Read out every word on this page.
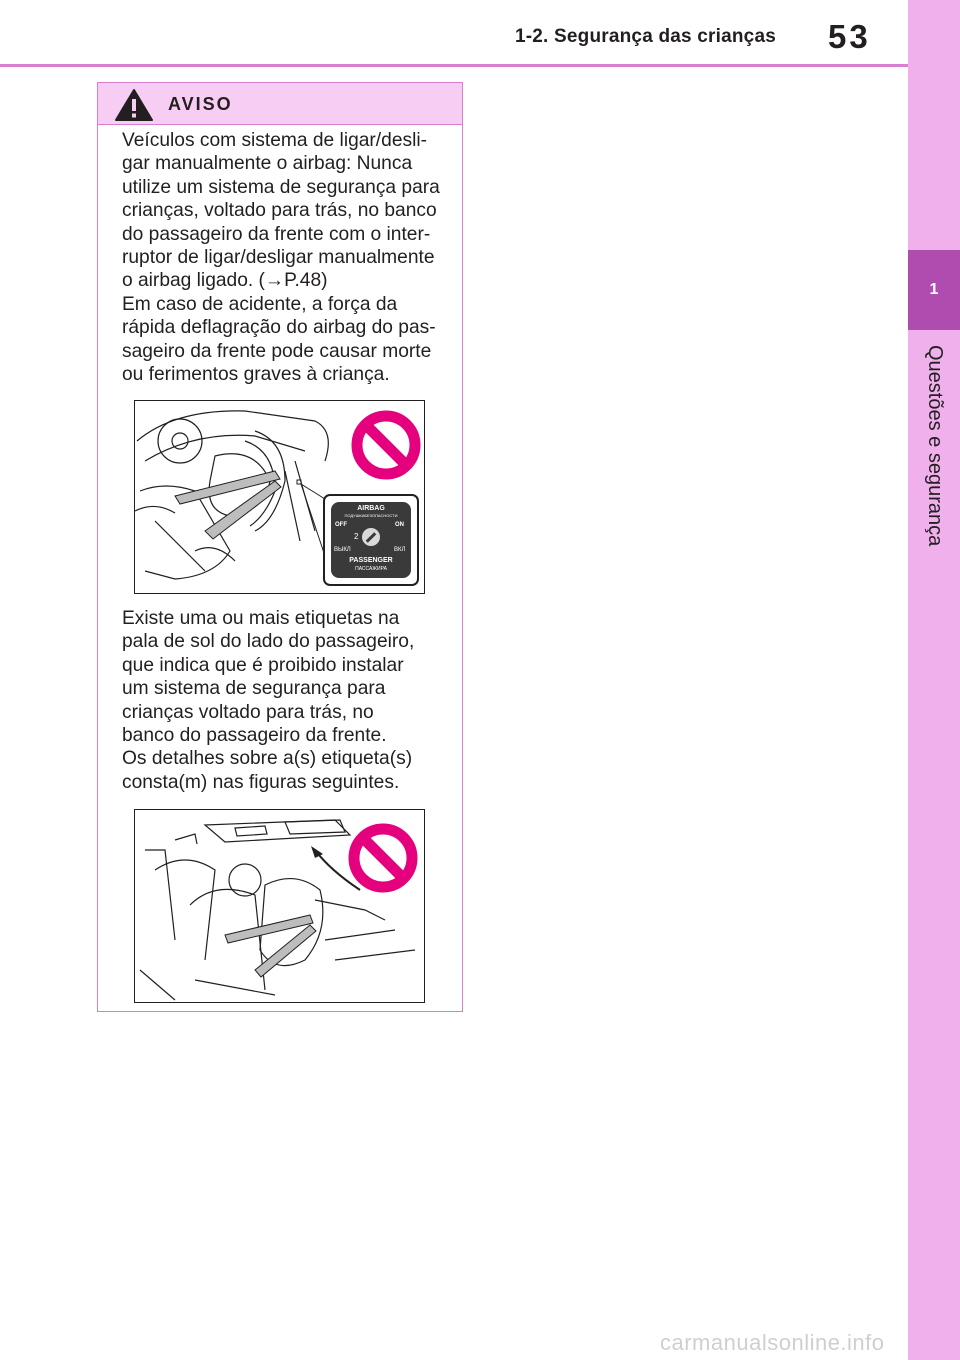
1-2. Segurança das crianças 53
1
Questões e segurança
AVISO

Veículos com sistema de ligar/desli-

gar manualmente o airbag: Nunca

utilize um sistema de segurança para

crianças, voltado para trás, no banco

do passageiro da frente com o inter-

ruptor de ligar/desligar manualmente

o airbag ligado. (→P.48)

Em caso de acidente, a força da

rápida deflagração do airbag do pas-

sageiro da frente pode causar morte

ou ferimentos graves à criança.

AIRBAG
ПОДУШКАБЕЗОПАСНОСТИ
OFF	ON
2
ВЫКЛ	ВКЛ
PASSENGER
ПАССАЖИРА

Existe uma ou mais etiquetas na

pala de sol do lado do passageiro,

que indica que é proibido instalar

um sistema de segurança para

crianças voltado para trás, no

banco do passageiro da frente.

Os detalhes sobre a(s) etiqueta(s)

consta(m) nas figuras seguintes.

carmanualsonline.info
